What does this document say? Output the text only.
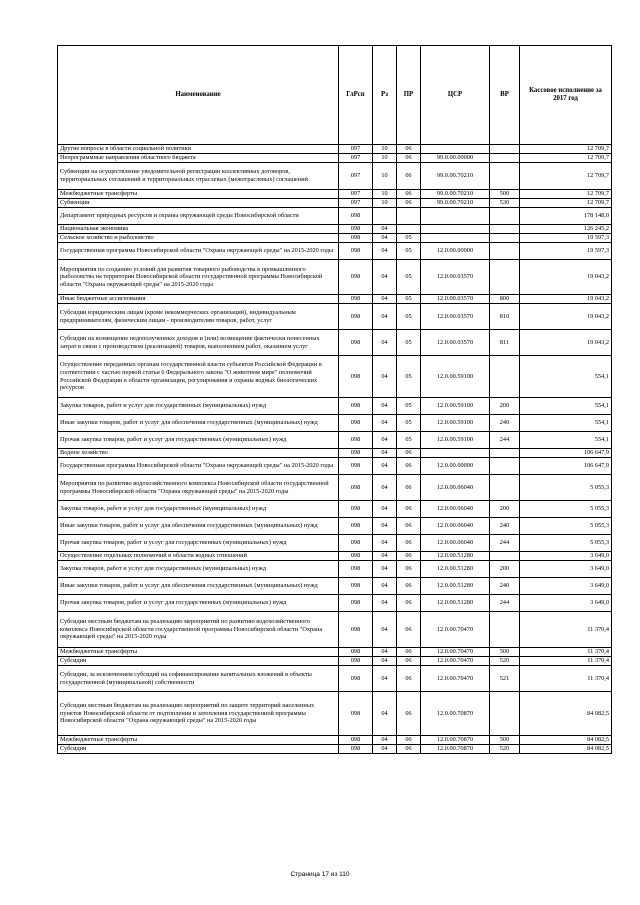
Наименование	ГлРсп	Рз	ПР	ЦСР	ВР	Кассовое исполнение за 2017 год
Другие вопросы в области социальной политики	097	10	06			12 709,7
Непрограммные направления областного бюджета	097	10	06	99.0.00.00000		12 709,7
Субвенции на осуществление уведомительной регистрации коллективных договоров, территориальных соглашений и территориальных отраслевых (межотраслевых) соглашений	097	10	06	99.0.00.70210		12 709,7
Межбюджетные трансферты	097	10	06	99.0.00.70210	500	12 709,7
Субвенции	097	10	06	99.0.00.70210	530	12 709,7
Департамент природных ресурсов и охраны окружающей среды Новосибирской области	098					178 148,0
Национальная экономика	098	04				126 245,2
Сельское хозяйство и рыболовство	098	04	05			19 597,3
Государственная программа Новосибирской области "Охрана окружающей среды" на 2015-2020 годы	098	04	05	12.0.00.00000		19 597,3
Мероприятия по созданию условий для развития товарного рыбоводства в промышленного рыболовства на территории Новосибирской области государственной программы Новосибирской области "Охрана окружающей среды" на 2015-2020 годы	098	04	05	12.0.00.03570		19 043,2
Иные бюджетные ассигнования	098	04	05	12.0.00.03570	800	19 043,2
Субсидии юридическим лицам (кроме некоммерческих организаций), индивидуальным предпринимателям, физическим лицам - производителям товаров, работ, услуг	098	04	05	12.0.00.03570	810	19 043,2
Субсидии на возмещение недополученных доходов и (или) возмещение фактически понесенных затрат в связи с производством (реализацией) товаров, выполнением работ, оказанием услуг	098	04	05	12.0.00.03570	811	19 043,2
Осуществление переданных органам государственной власти субъектов Российской Федерации в соответствии с частью первой статьи 6 Федерального закона "О животном мире" полномочий Российской Федерации в области организации, регулирования и охраны водных биологических ресурсов	098	04	05	12.0.00.59100		554,1
Закупка товаров, работ и услуг для государственных (муниципальных) нужд	098	04	05	12.0.00.59100	200	554,1
Иные закупки товаров, работ и услуг для обеспечения государственных (муниципальных) нужд	098	04	05	12.0.00.59100	240	554,1
Прочая закупка товаров, работ и услуг для государственных (муниципальных) нужд	098	04	05	12.0.00.59100	244	554,1
Водное хозяйство	098	04	06			106 647,9
Государственная программа Новосибирской области "Охрана окружающей среды" на 2015-2020 годы	098	04	06	12.0.00.00000		106 647,9
Мероприятия по развитию водохозяйственного комплекса Новосибирской области государственной программы Новосибирской области "Охрана окружающей среды" на 2015-2020 годы	098	04	06	12.0.00.06040		5 055,3
Закупка товаров, работ и услуг для государственных (муниципальных) нужд	098	04	06	12.0.00.06040	200	5 055,3
Иные закупки товаров, работ и услуг для обеспечения государственных (муниципальных) нужд	098	04	06	12.0.00.06040	240	5 055,3
Прочая закупка товаров, работ и услуг для государственных (муниципальных) нужд	098	04	06	12.0.00.06040	244	5 055,3
Осуществление отдельных полномочий в области водных отношений	098	04	06	12.0.00.51280		3 649,0
Закупка товаров, работ и услуг для государственных (муниципальных) нужд	098	04	06	12.0.00.51280	200	3 649,0
Иные закупки товаров, работ и услуг для обеспечения государственных (муниципальных) нужд	098	04	06	12.0.00.51280	240	3 649,0
Прочая закупка товаров, работ и услуг для государственных (муниципальных) нужд	098	04	06	12.0.00.51280	244	3 649,0
Субсидии местным бюджетам на реализацию мероприятий по развитию водохозяйственного комплекса Новосибирской области государственной программы Новосибирской области "Охрана окружающей среды" на 2015-2020 годы	098	04	06	12.0.00.70470		11 370,4
Межбюджетные трансферты	098	04	06	12.0.00.70470	500	11 370,4
Субсидии	098	04	06	12.0.00.70470	520	11 370,4
Субсидии, за исключением субсидий на софинансирование капитальных вложений в объекты государственной (муниципальной) собственности	098	04	06	12.0.00.70470	521	11 370,4
Субсидии местным бюджетам на реализацию мероприятий по защите территорий населенных пунктов Новосибирской области от подтопления и затопления государственной программы Новосибирской области "Охрана окружающей среды" на 2015-2020 годы	098	04	06	12.0.00.70870		84 082,5
Межбюджетные трансферты	098	04	06	12.0.00.70870	500	84 082,5
Субсидии	098	04	06	12.0.00.70870	520	84 082,5
Страница 17 из 110
